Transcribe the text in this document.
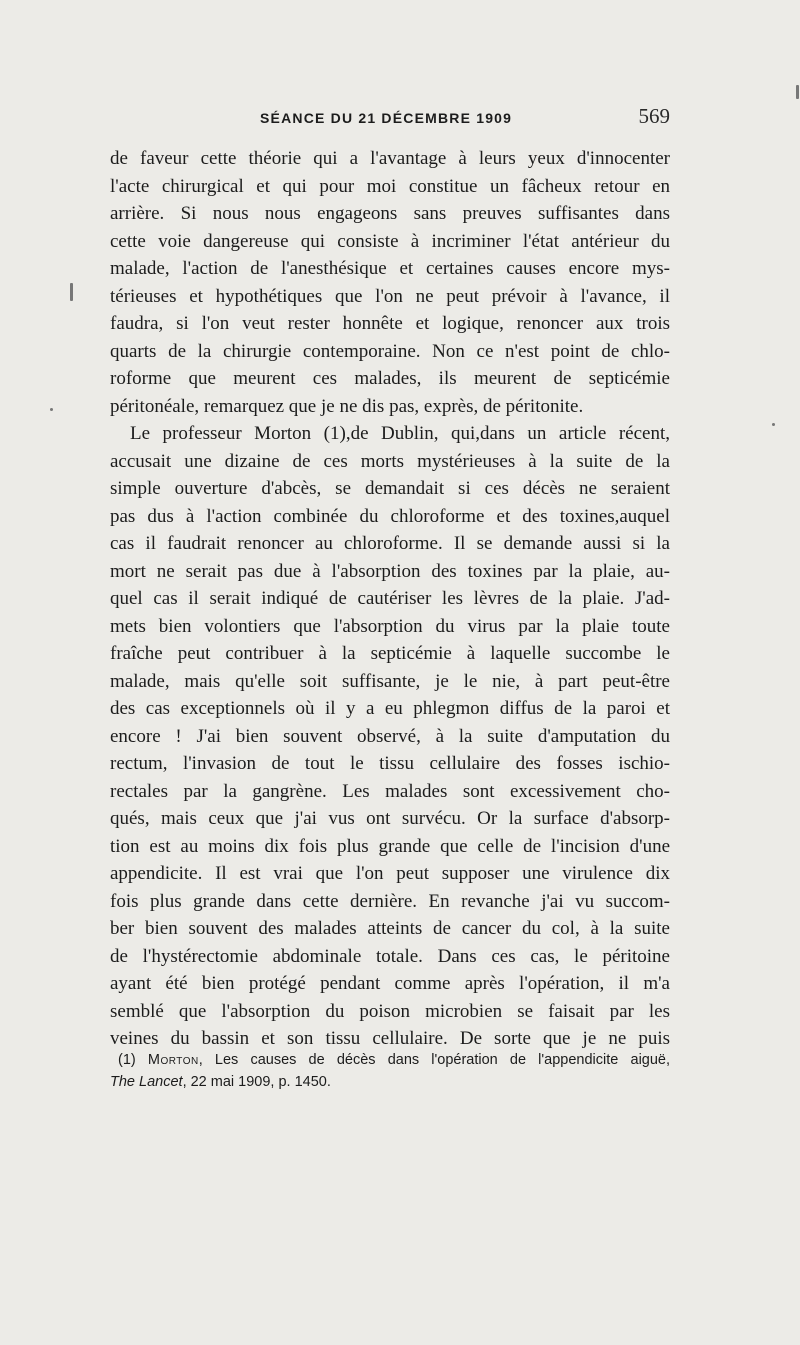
SÉANCE DU 21 DÉCEMBRE 1909	569
de faveur cette théorie qui a l'avantage à leurs yeux d'innocenter
l'acte chirurgical et qui pour moi constitue un fâcheux retour en
arrière. Si nous nous engageons sans preuves suffisantes dans
cette voie dangereuse qui consiste à incriminer l'état antérieur du
malade, l'action de l'anesthésique et certaines causes encore mys-
térieuses et hypothétiques que l'on ne peut prévoir à l'avance, il
faudra, si l'on veut rester honnête et logique, renoncer aux trois
quarts de la chirurgie contemporaine. Non ce n'est point de chlo-
roforme que meurent ces malades, ils meurent de septicémie
péritonéale, remarquez que je ne dis pas, exprès, de péritonite.
Le professeur Morton (1),de Dublin, qui,dans un article récent,
accusait une dizaine de ces morts mystérieuses à la suite de la
simple ouverture d'abcès, se demandait si ces décès ne seraient
pas dus à l'action combinée du chloroforme et des toxines,auquel
cas il faudrait renoncer au chloroforme. Il se demande aussi si la
mort ne serait pas due à l'absorption des toxines par la plaie, au-
quel cas il serait indiqué de cautériser les lèvres de la plaie. J'ad-
mets bien volontiers que l'absorption du virus par la plaie toute
fraîche peut contribuer à la septicémie à laquelle succombe le
malade, mais qu'elle soit suffisante, je le nie, à part peut-être
des cas exceptionnels où il y a eu phlegmon diffus de la paroi et
encore ! J'ai bien souvent observé, à la suite d'amputation du
rectum, l'invasion de tout le tissu cellulaire des fosses ischio-
rectales par la gangrène. Les malades sont excessivement cho-
qués, mais ceux que j'ai vus ont survécu. Or la surface d'absorp-
tion est au moins dix fois plus grande que celle de l'incision d'une
appendicite. Il est vrai que l'on peut supposer une virulence dix
fois plus grande dans cette dernière. En revanche j'ai vu succom-
ber bien souvent des malades atteints de cancer du col, à la suite
de l'hystérectomie abdominale totale. Dans ces cas, le péritoine
ayant été bien protégé pendant comme après l'opération, il m'a
semblé que l'absorption du poison microbien se faisait par les
veines du bassin et son tissu cellulaire. De sorte que je ne puis
(1) Morton, Les causes de décès dans l'opération de l'appendicite aiguë,
The Lancet, 22 mai 1909, p. 1450.
